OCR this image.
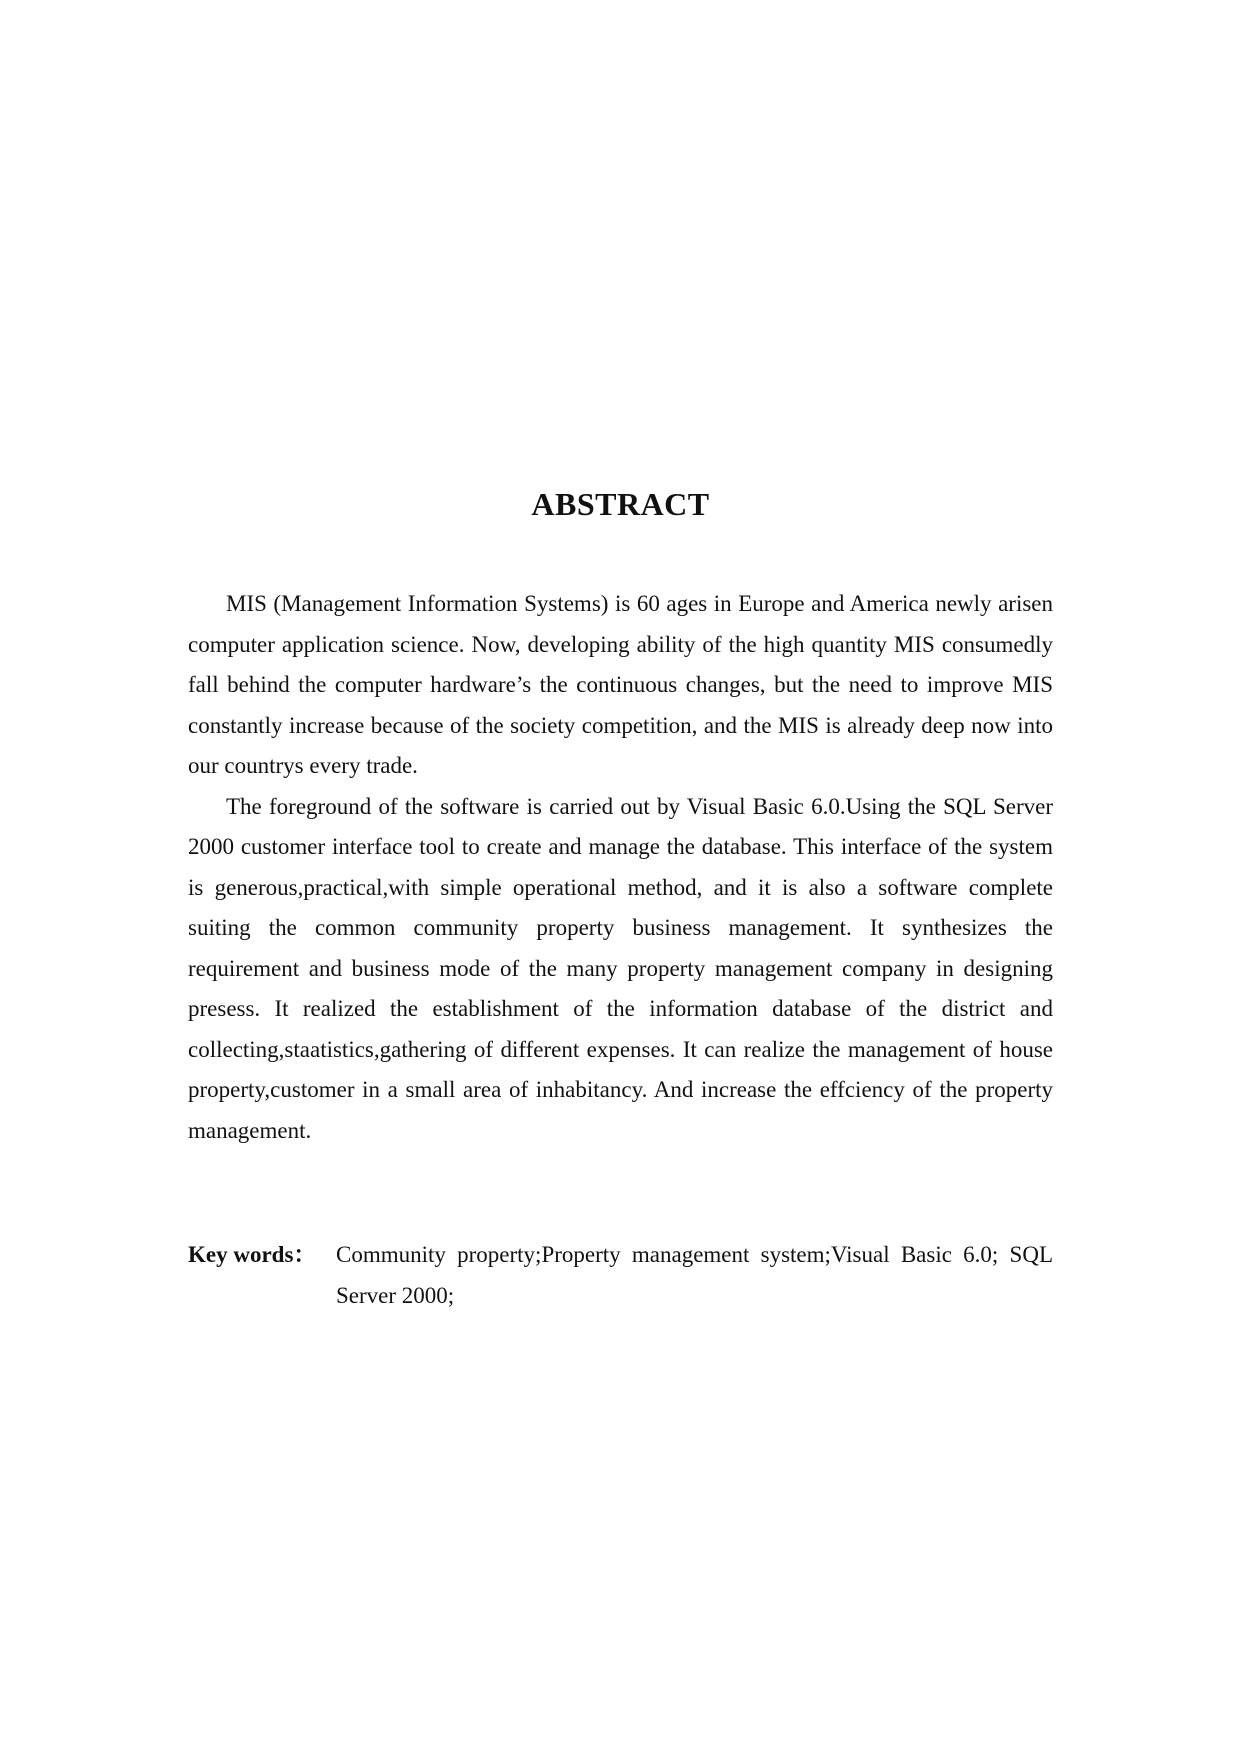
ABSTRACT

MIS (Management Information Systems) is 60 ages in Europe and America newly arisen computer application science. Now, developing ability of the high quantity MIS consumedly fall behind the computer hardware’s the continuous changes, but the need to improve MIS constantly increase because of the society competition, and the MIS is already deep now into our countrys every trade.

The foreground of the software is carried out by Visual Basic 6.0.Using the SQL Server 2000 customer interface tool to create and manage the database. This interface of the system is generous,practical,with simple operational method, and it is also a software complete suiting the common community property business management. It synthesizes the requirement and business mode of the many property management company in designing presess. It realized the establishment of the information database of the district and collecting,staatistics,gathering of different expenses. It can realize the management of house property,customer in a small area of inhabitancy. And increase the effciency of the property management.

Key words： Community property;Property management system;Visual Basic 6.0; SQL Server 2000;
